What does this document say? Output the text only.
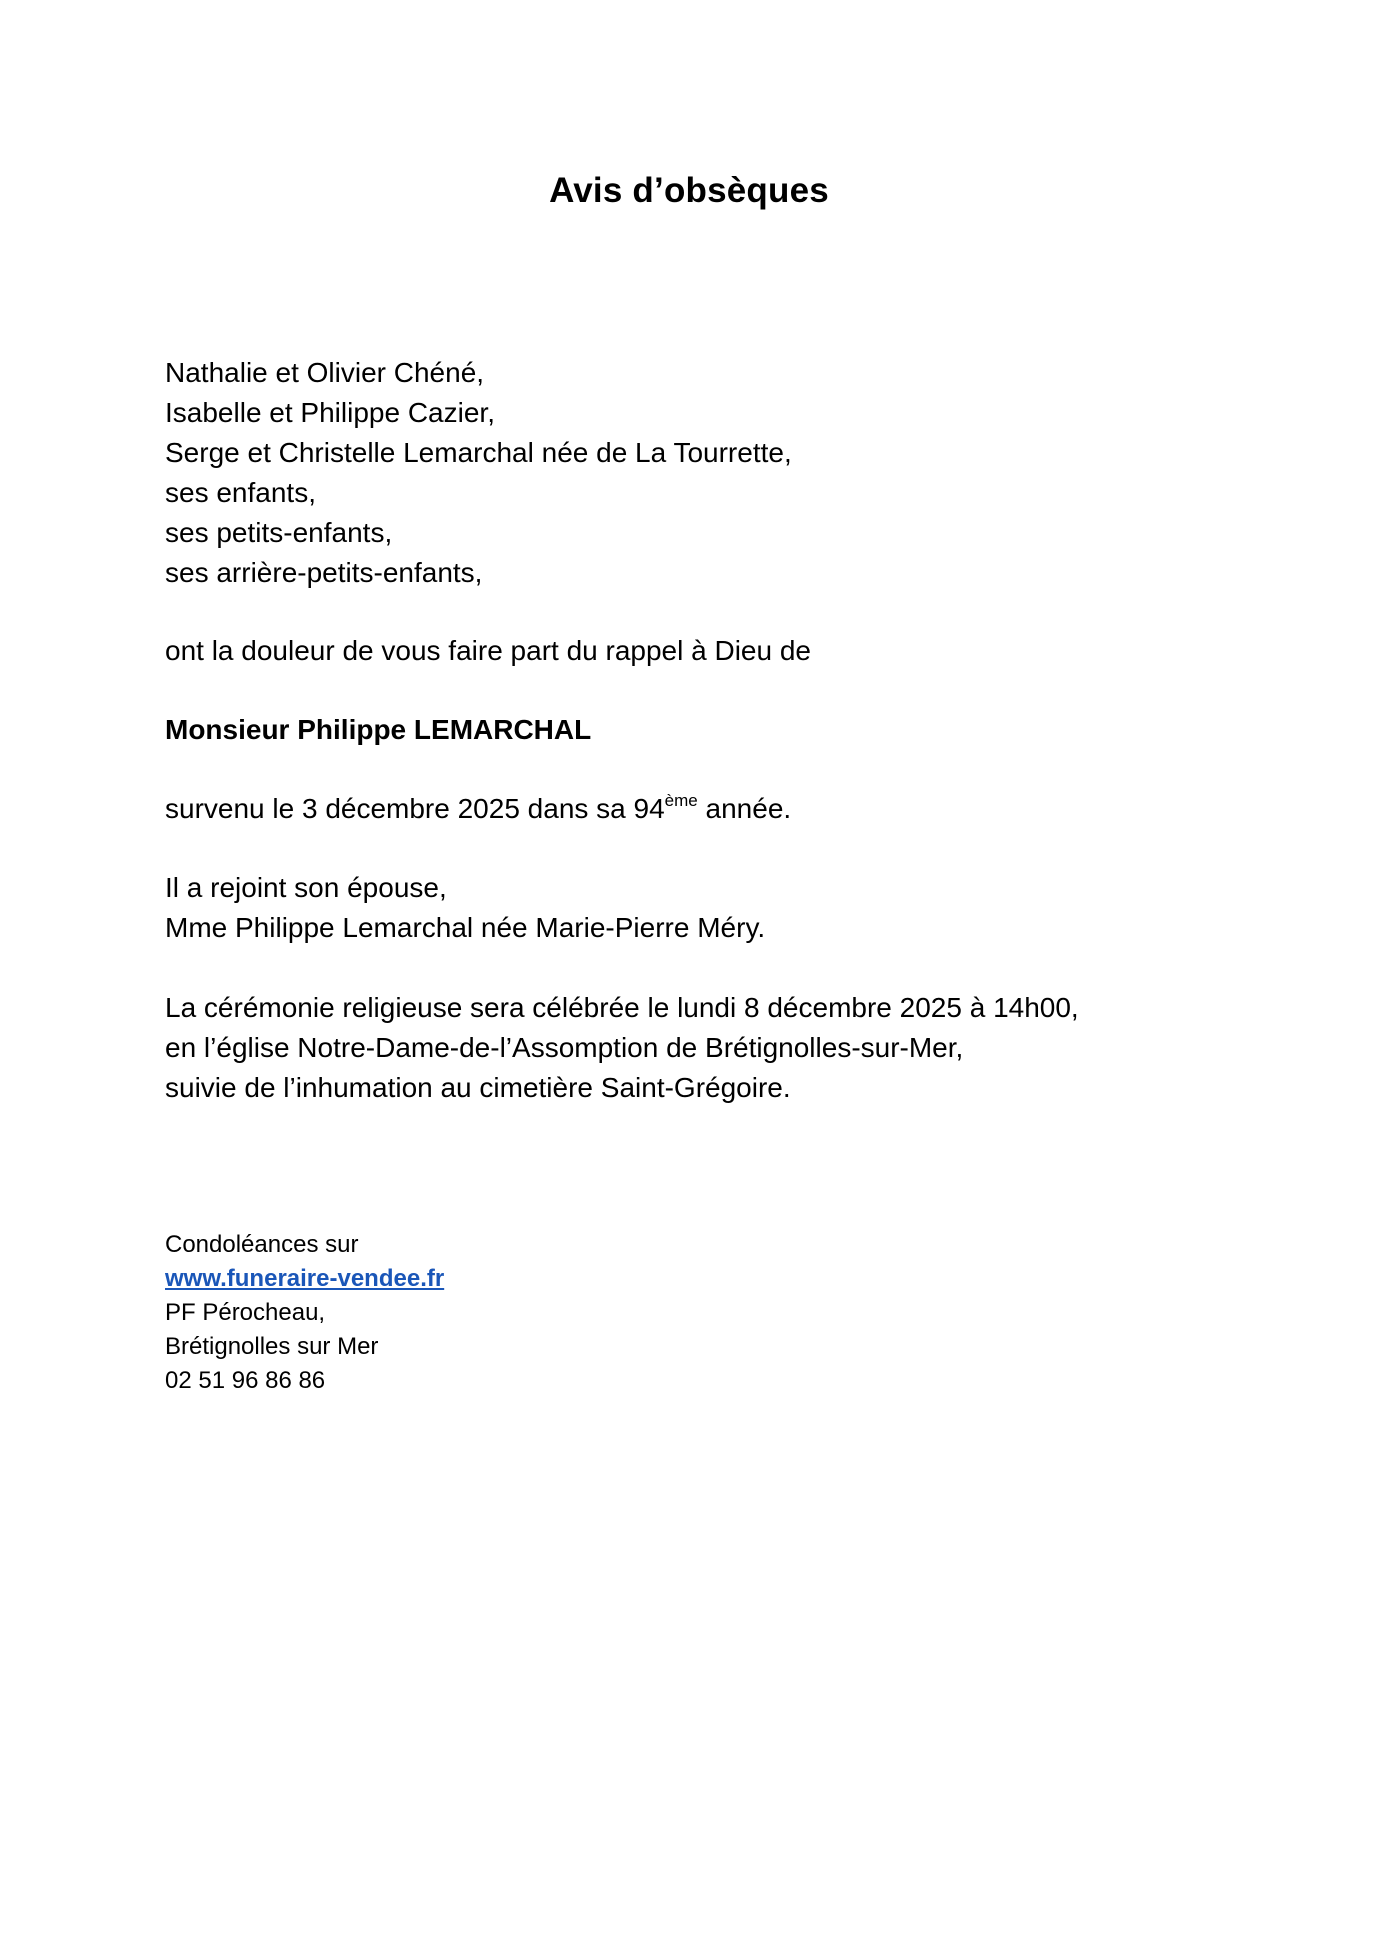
Avis d’obsèques
Nathalie et Olivier Chéné,
Isabelle et Philippe Cazier,
Serge et Christelle Lemarchal née de La Tourrette,
ses enfants,
ses petits-enfants,
ses arrière-petits-enfants,
ont la douleur de vous faire part du rappel à Dieu de
Monsieur Philippe LEMARCHAL
survenu le 3 décembre 2025 dans sa 94ème année.
Il a rejoint son épouse,
Mme Philippe Lemarchal née Marie-Pierre Méry.
La cérémonie religieuse sera célébrée le lundi 8 décembre 2025 à 14h00,
en l’église Notre-Dame-de-l’Assomption de Brétignolles-sur-Mer,
suivie de l’inhumation au cimetière Saint-Grégoire.
Condoléances sur
www.funeraire-vendee.fr
PF Pérocheau,
Brétignolles sur Mer
02 51 96 86 86
